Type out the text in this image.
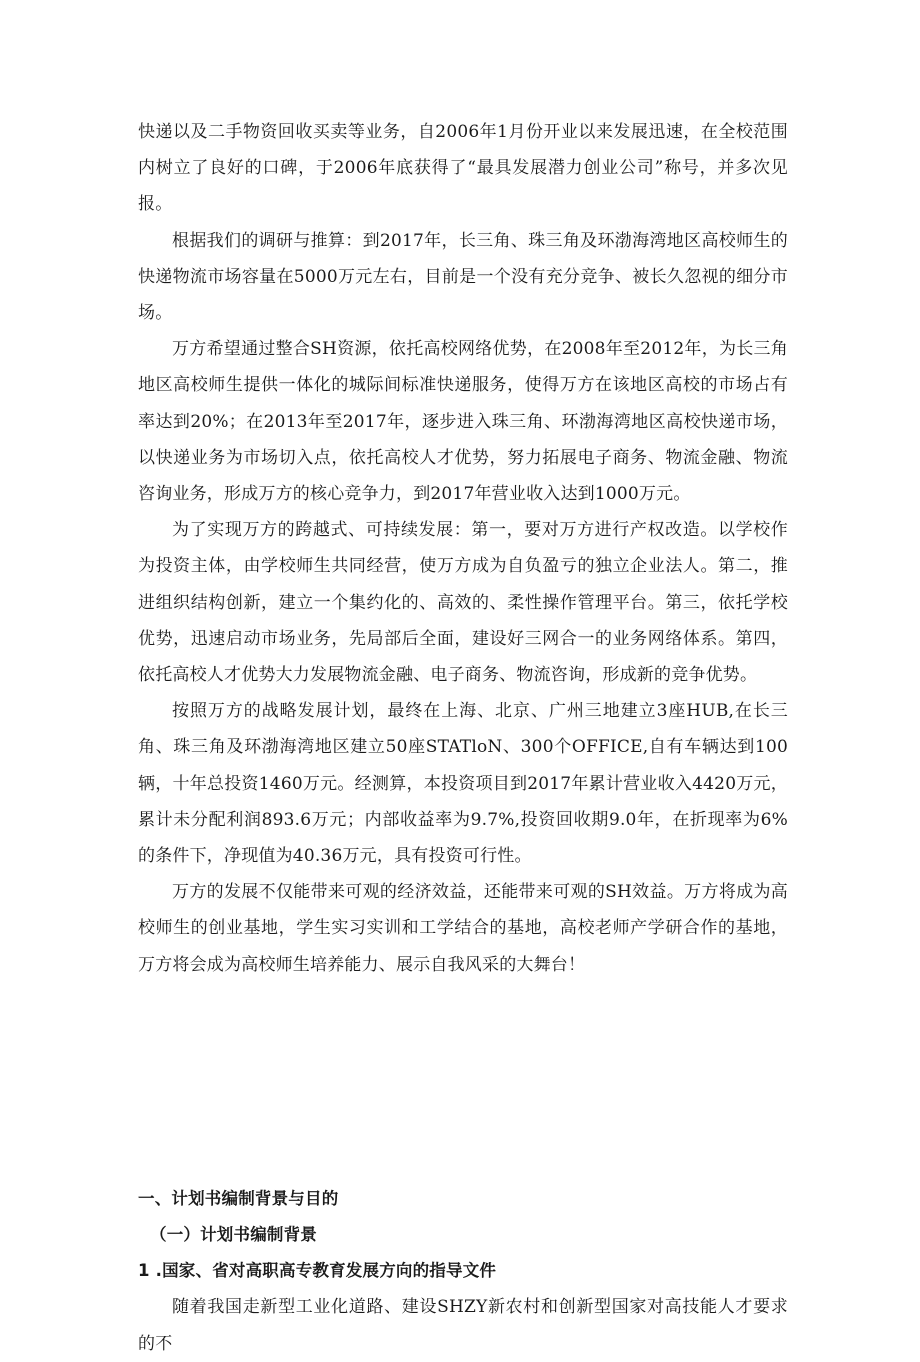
快递以及二手物资回收买卖等业务，自2006年1月份开业以来发展迅速，在全校范围内树立了良好的口碑，于2006年底获得了“最具发展潜力创业公司”称号，并多次见报。

根据我们的调研与推算：到2017年，长三角、珠三角及环渤海湾地区高校师生的快递物流市场容量在5000万元左右，目前是一个没有充分竞争、被长久忽视的细分市场。

万方希望通过整合SH资源，依托高校网络优势，在2008年至2012年，为长三角地区高校师生提供一体化的城际间标准快递服务，使得万方在该地区高校的市场占有率达到20%；在2013年至2017年，逐步进入珠三角、环渤海湾地区高校快递市场，以快递业务为市场切入点，依托高校人才优势，努力拓展电子商务、物流金融、物流咨询业务，形成万方的核心竞争力，到2017年营业收入达到1000万元。

为了实现万方的跨越式、可持续发展：第一，要对万方进行产权改造。以学校作为投资主体，由学校师生共同经营，使万方成为自负盈亏的独立企业法人。第二，推进组织结构创新，建立一个集约化的、高效的、柔性操作管理平台。第三，依托学校优势，迅速启动市场业务，先局部后全面，建设好三网合一的业务网络体系。第四，依托高校人才优势大力发展物流金融、电子商务、物流咨询，形成新的竞争优势。

按照万方的战略发展计划，最终在上海、北京、广州三地建立3座HUB,在长三角、珠三角及环渤海湾地区建立50座STATloN、300个OFFICE,自有车辆达到100辆，十年总投资1460万元。经测算，本投资项目到2017年累计营业收入4420万元，累计未分配利润893.6万元；内部收益率为9.7%,投资回收期9.0年，在折现率为6%的条件下，净现值为40.36万元，具有投资可行性。

万方的发展不仅能带来可观的经济效益，还能带来可观的SH效益。万方将成为高校师生的创业基地，学生实习实训和工学结合的基地，高校老师产学研合作的基地，万方将会成为高校师生培养能力、展示自我风采的大舞台！

一、计划书编制背景与目的

（一）计划书编制背景

1 .国家、省对高职高专教育发展方向的指导文件

随着我国走新型工业化道路、建设SHZY新农村和创新型国家对高技能人才要求的不
